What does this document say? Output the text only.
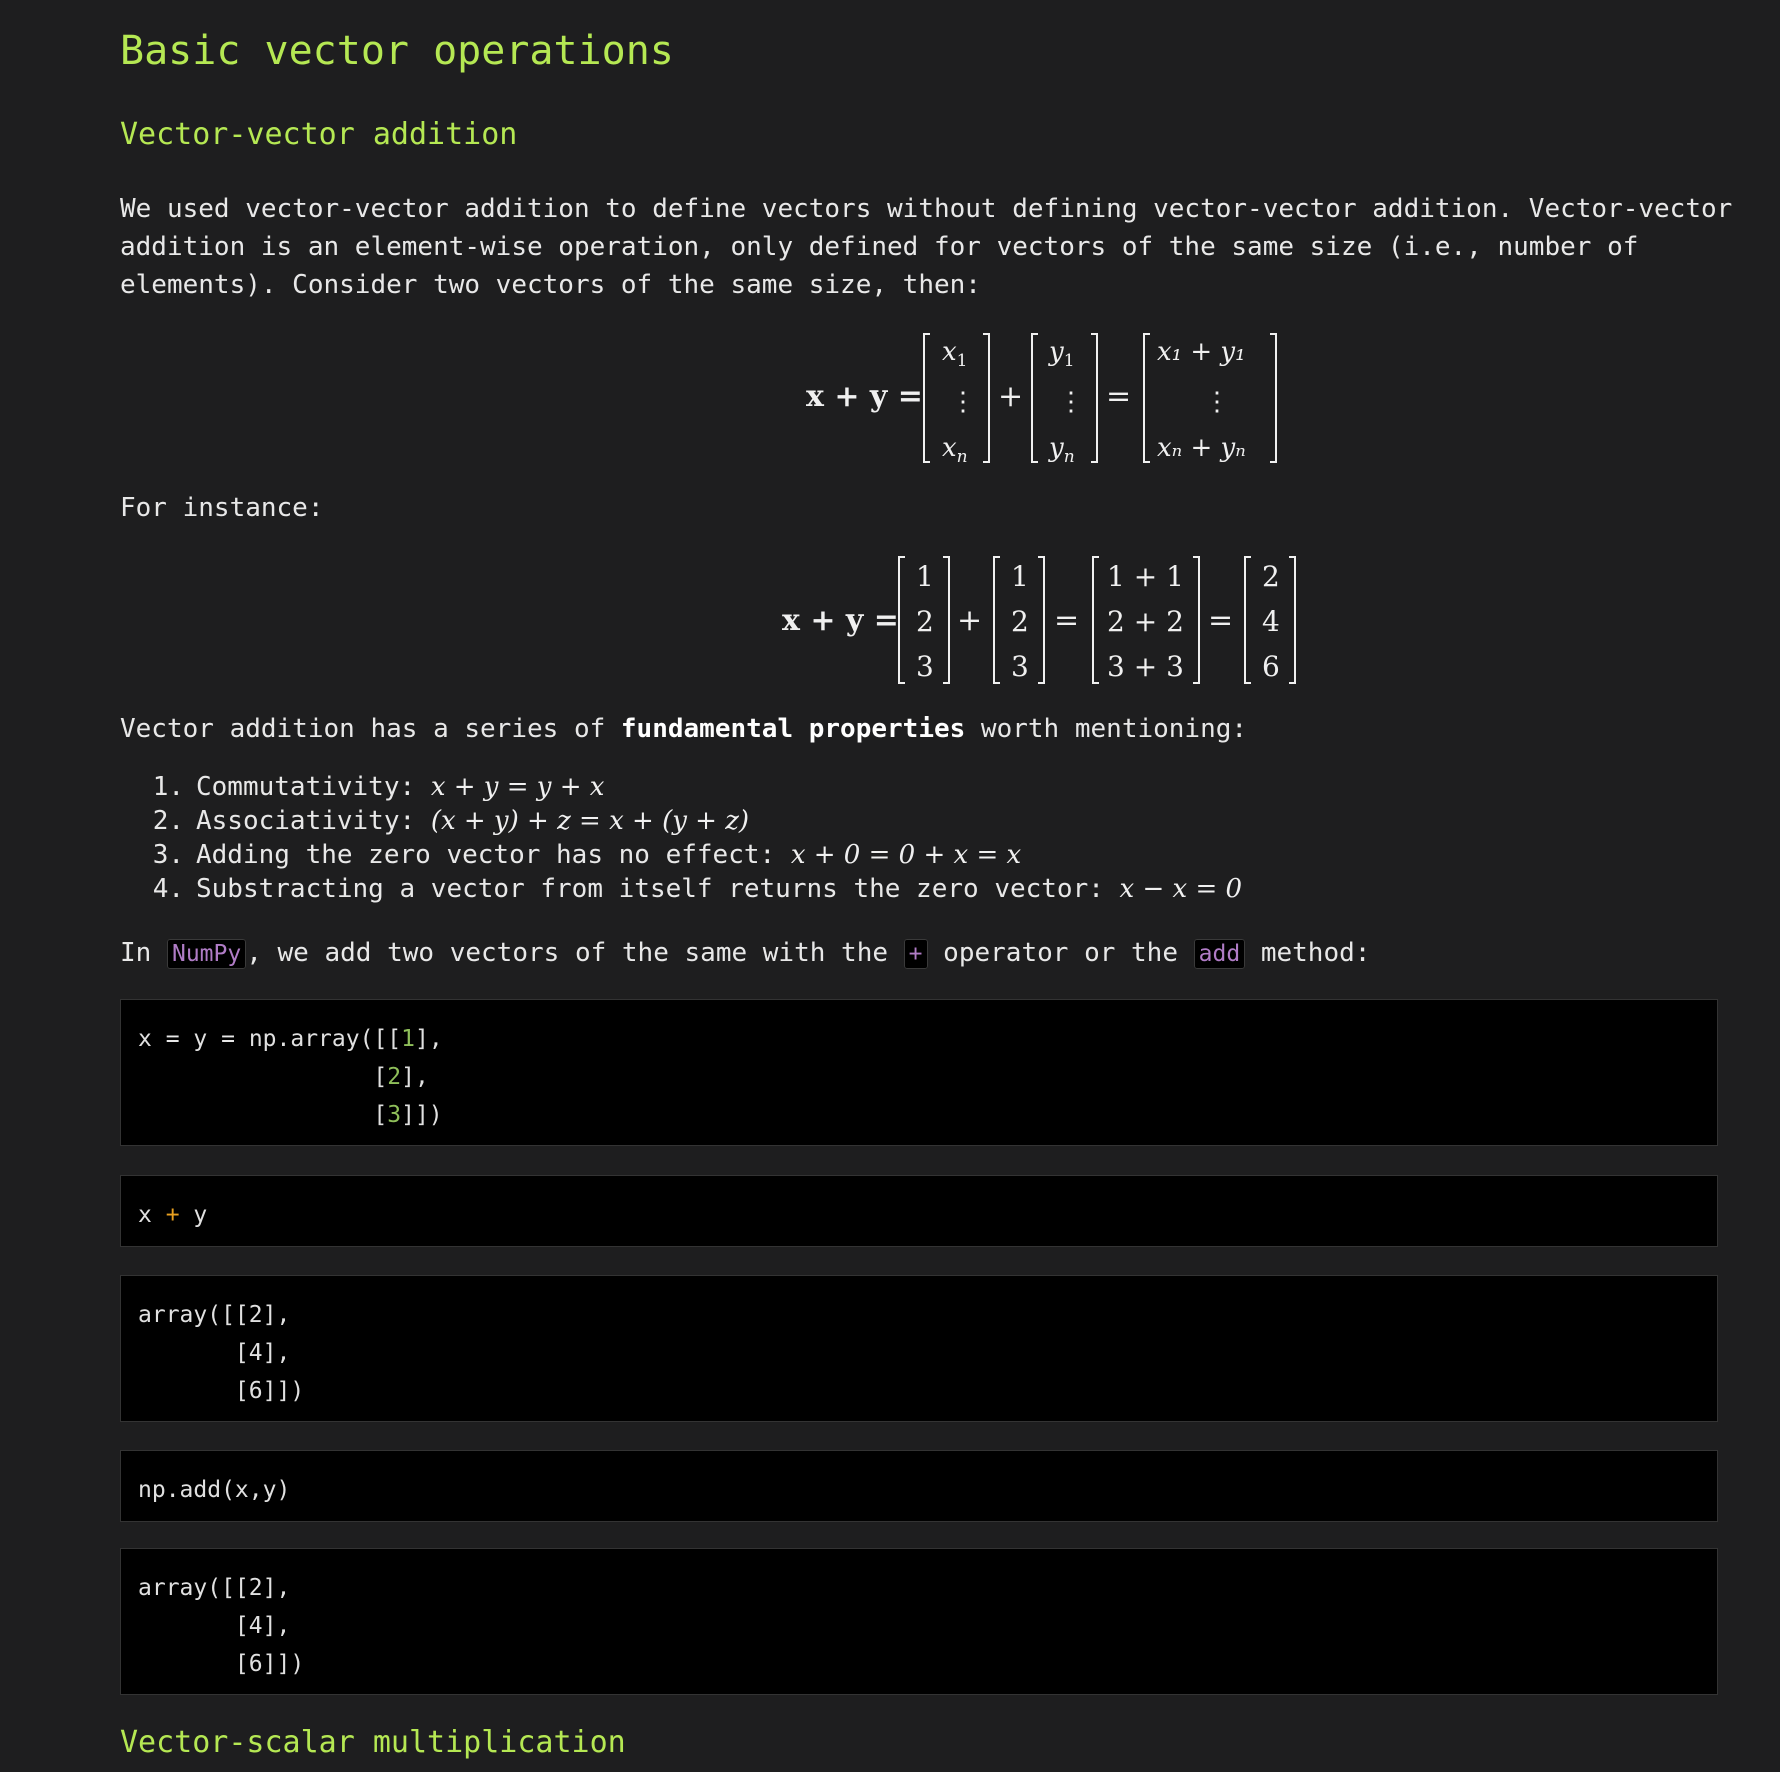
Basic vector operations
Vector-vector addition

We used vector-vector addition to define vectors without defining vector-vector addition. Vector-vector
addition is an element-wise operation, only defined for vectors of the same size (i.e., number of
elements). Consider two vectors of the same size, then:

x + y =
$x_1$
⋮
$x_n$
+
$y_1$
⋮
$y_n$
=
x₁ + y₁
⋮
xₙ + yₙ

For instance:

x + y =
1
2
3
+
1
2
3
=
1 + 1
2 + 2
3 + 3
=
2
4
6

Vector addition has a series of fundamental properties worth mentioning:

1. Commutativity: x + y = y + x
2. Associativity: (x + y) + z = x + (y + z)
3. Adding the zero vector has no effect: x + 0 = 0 + x = x
4. Substracting a vector from itself returns the zero vector: x − x = 0

In NumPy , we add two vectors of the same with the + operator or the add method:

x = y = np.array([[1],
[2],
[3]])
x + y
array([[2],
[4],
[6]])
np.add(x,y)
array([[2],
[4],
[6]])
Vector-scalar multiplication
